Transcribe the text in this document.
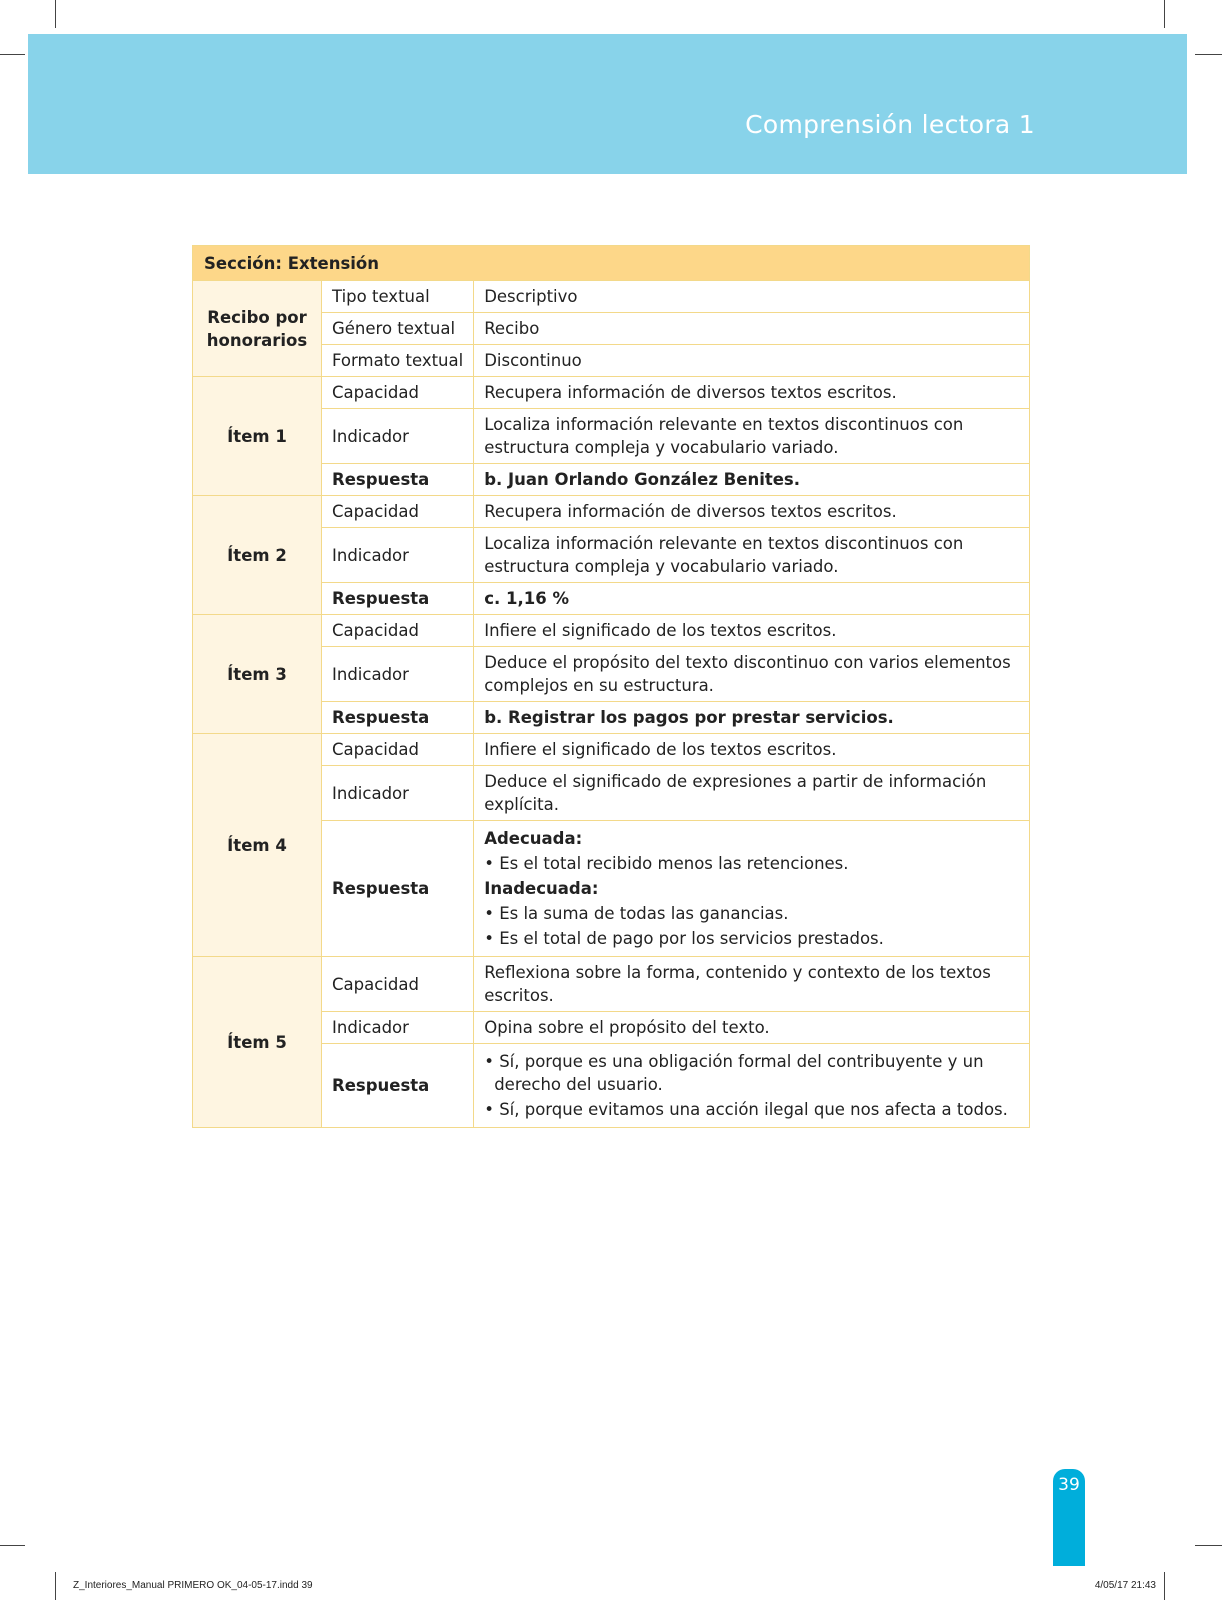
Comprensión lectora 1
Sección: Extensión		
Recibo por honorarios	Tipo textual	Descriptivo
	Género textual	Recibo
	Formato textual	Discontinuo
Ítem 1	Capacidad	Recupera información de diversos textos escritos.
	Indicador	Localiza información relevante en textos discontinuos con estructura compleja y vocabulario variado.
	Respuesta	b. Juan Orlando González Benites.
Ítem 2	Capacidad	Recupera información de diversos textos escritos.
	Indicador	Localiza información relevante en textos discontinuos con estructura compleja y vocabulario variado.
	Respuesta	c. 1,16 %
Ítem 3	Capacidad	Infiere el significado de los textos escritos.
	Indicador	Deduce el propósito del texto discontinuo con varios elementos complejos en su estructura.
	Respuesta	b. Registrar los pagos por prestar servicios.
Ítem 4	Capacidad	Infiere el significado de los textos escritos.
	Indicador	Deduce el significado de expresiones a partir de información explícita.
	Respuesta	Adecuada:
• Es el total recibido menos las retenciones.
Inadecuada:
• Es la suma de todas las ganancias.
• Es el total de pago por los servicios prestados.

Ítem 5	Capacidad	Reflexiona sobre la forma, contenido y contexto de los textos escritos.
	Indicador	Opina sobre el propósito del texto.
	Respuesta	• Sí, porque es una obligación formal del contribuyente y un derecho del usuario.
• Sí, porque evitamos una acción ilegal que nos afecta a todos.
39
Z_Interiores_Manual PRIMERO OK_04-05-17.indd 39	4/05/17 21:43
